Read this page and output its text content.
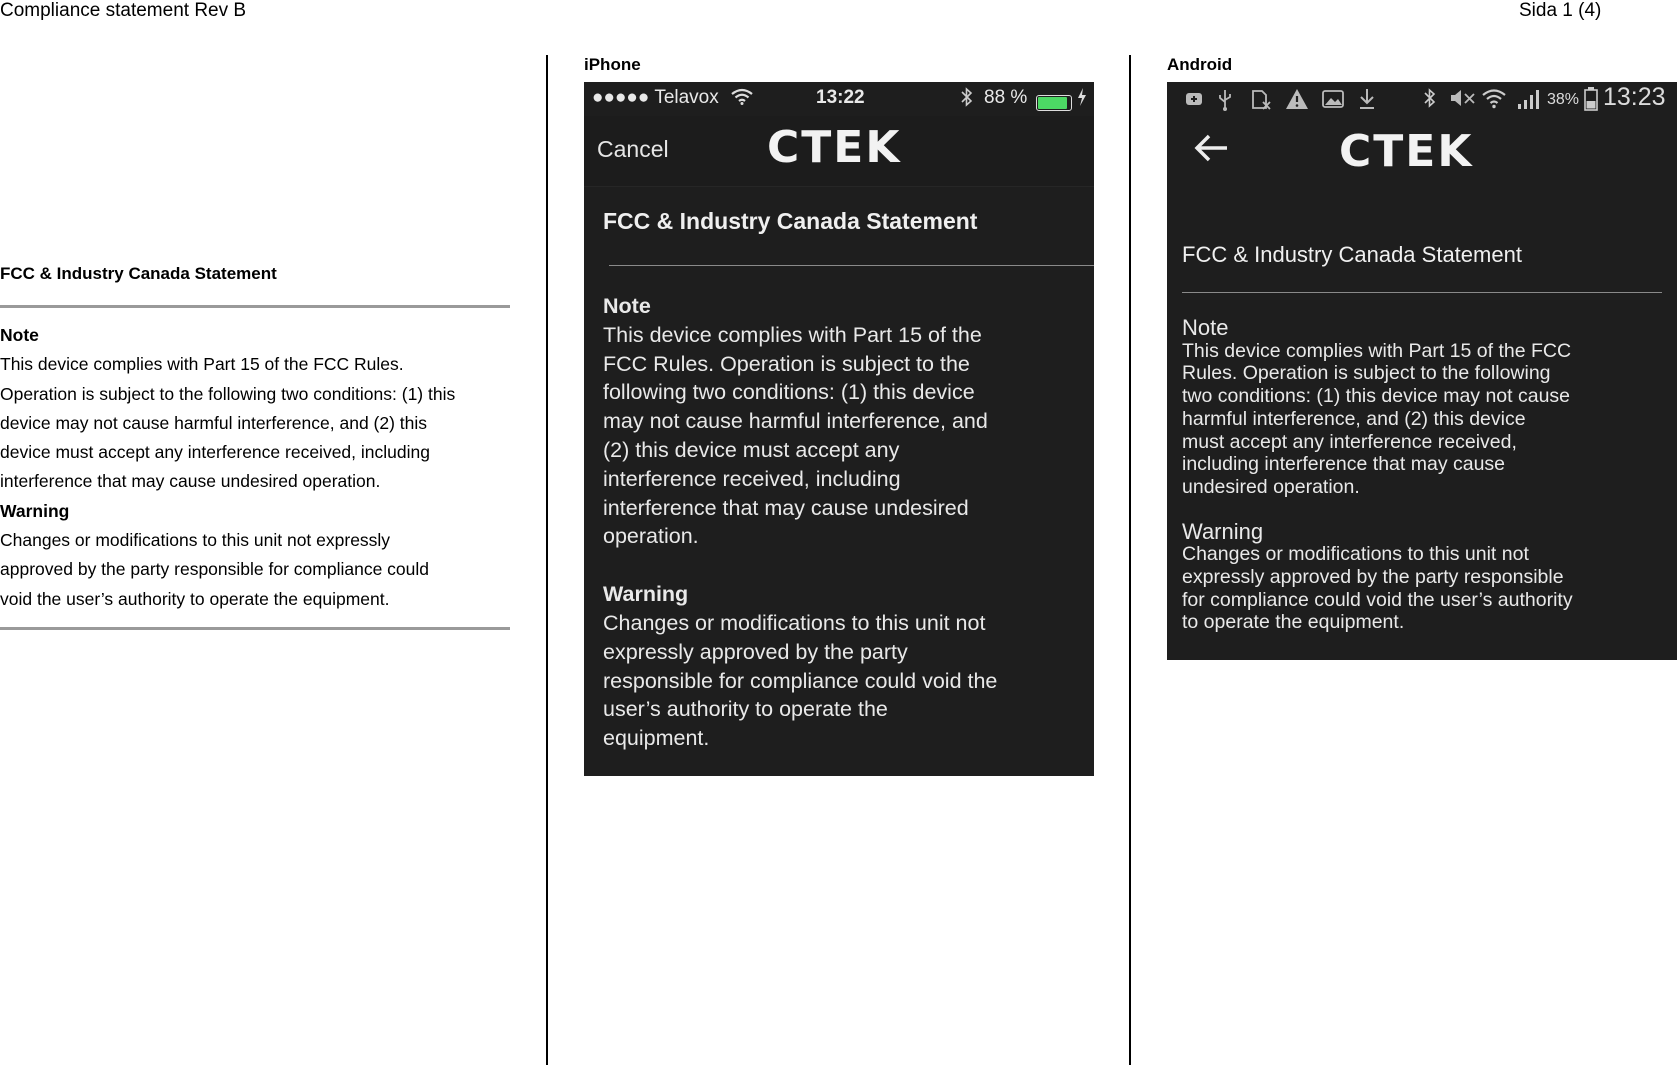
Compliance statement Rev B	Sida 1 (4)
iPhone	Android
FCC & Industry Canada Statement
Note
This device complies with Part 15 of the FCC Rules.
Operation is subject to the following two conditions: (1) this
device may not cause harmful interference, and (2) this
device must accept any interference received, including
interference that may cause undesired operation.
Warning
Changes or modifications to this unit not expressly
approved by the party responsible for compliance could
void the user’s authority to operate the equipment.
●●●●● Telavox	13:22	88 %
Cancel CTEK
FCC & Industry Canada Statement
Note
This device complies with Part 15 of the
FCC Rules. Operation is subject to the
following two conditions: (1) this device
may not cause harmful interference, and
(2) this device must accept any
interference received, including
interference that may cause undesired
operation.
Warning
Changes or modifications to this unit not
expressly approved by the party
responsible for compliance could void the
user’s authority to operate the
equipment.
38% 13:23
CTEK
FCC & Industry Canada Statement
Note
This device complies with Part 15 of the FCC
Rules. Operation is subject to the following
two conditions: (1) this device may not cause
harmful interference, and (2) this device
must accept any interference received,
including interference that may cause
undesired operation.
Warning
Changes or modifications to this unit not
expressly approved by the party responsible
for compliance could void the user’s authority
to operate the equipment.
